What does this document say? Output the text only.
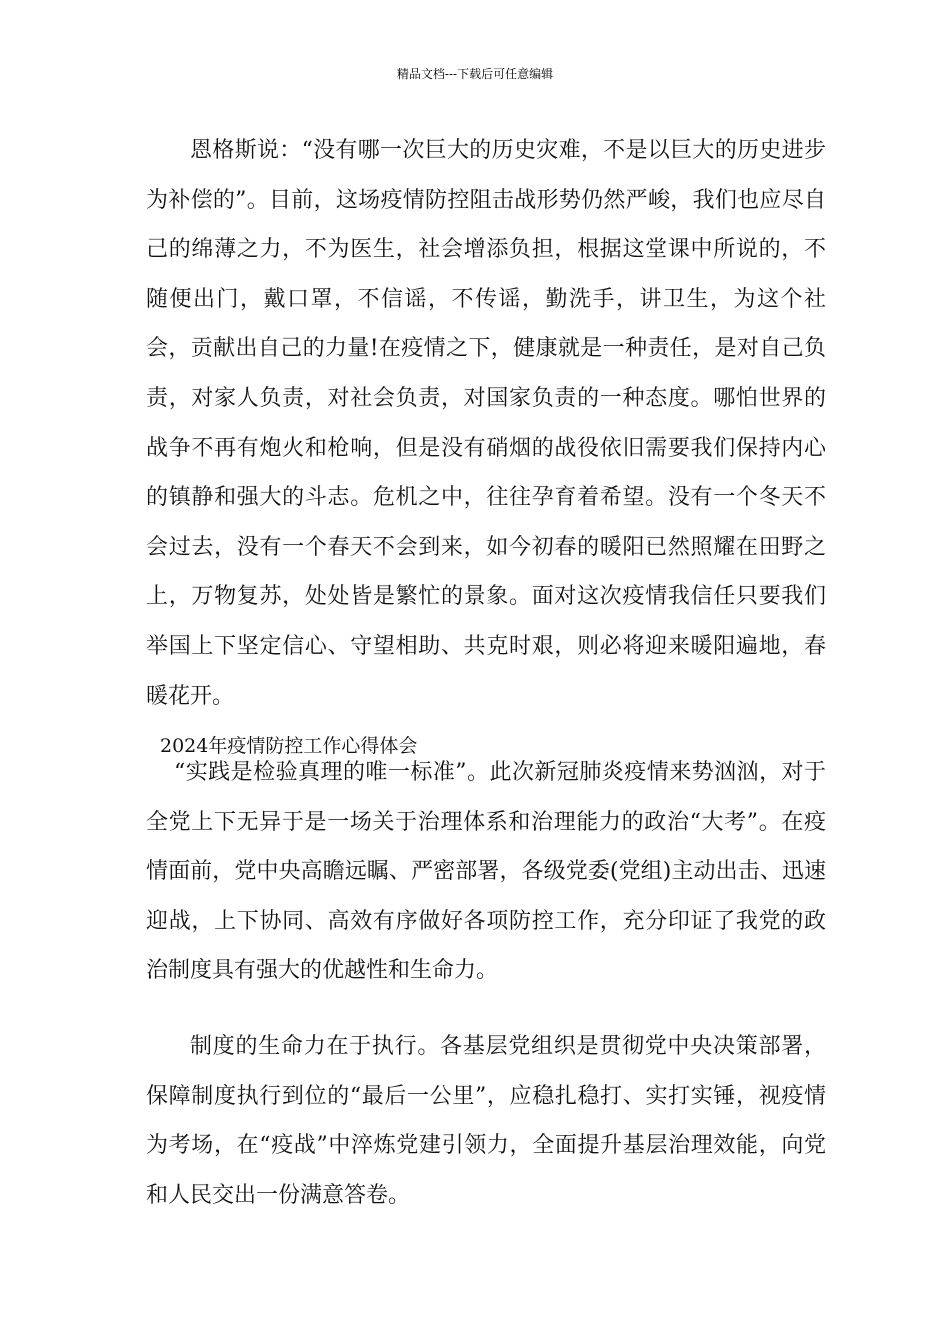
精品文档---下载后可任意编辑

恩格斯说：“没有哪一次巨大的历史灾难，不是以巨大的历史进步为补偿的”。目前，这场疫情防控阻击战形势仍然严峻，我们也应尽自己的绵薄之力，不为医生，社会增添负担，根据这堂课中所说的，不随便出门，戴口罩，不信谣，不传谣，勤洗手，讲卫生，为这个社会，贡献出自己的力量!在疫情之下，健康就是一种责任，是对自己负责，对家人负责，对社会负责，对国家负责的一种态度。哪怕世界的战争不再有炮火和枪响，但是没有硝烟的战役依旧需要我们保持内心的镇静和强大的斗志。危机之中，往往孕育着希望。没有一个冬天不会过去，没有一个春天不会到来，如今初春的暖阳已然照耀在田野之上，万物复苏，处处皆是繁忙的景象。面对这次疫情我信任只要我们举国上下坚定信心、守望相助、共克时艰，则必将迎来暖阳遍地，春暖花开。

2024年疫情防控工作心得体会

“实践是检验真理的唯一标准”。此次新冠肺炎疫情来势汹汹，对于全党上下无异于是一场关于治理体系和治理能力的政治“大考”。在疫情面前，党中央高瞻远瞩、严密部署，各级党委(党组)主动出击、迅速迎战，上下协同、高效有序做好各项防控工作，充分印证了我党的政治制度具有强大的优越性和生命力。

制度的生命力在于执行。各基层党组织是贯彻党中央决策部署，保障制度执行到位的“最后一公里”，应稳扎稳打、实打实锤，视疫情为考场，在“疫战”中淬炼党建引领力，全面提升基层治理效能，向党和人民交出一份满意答卷。
